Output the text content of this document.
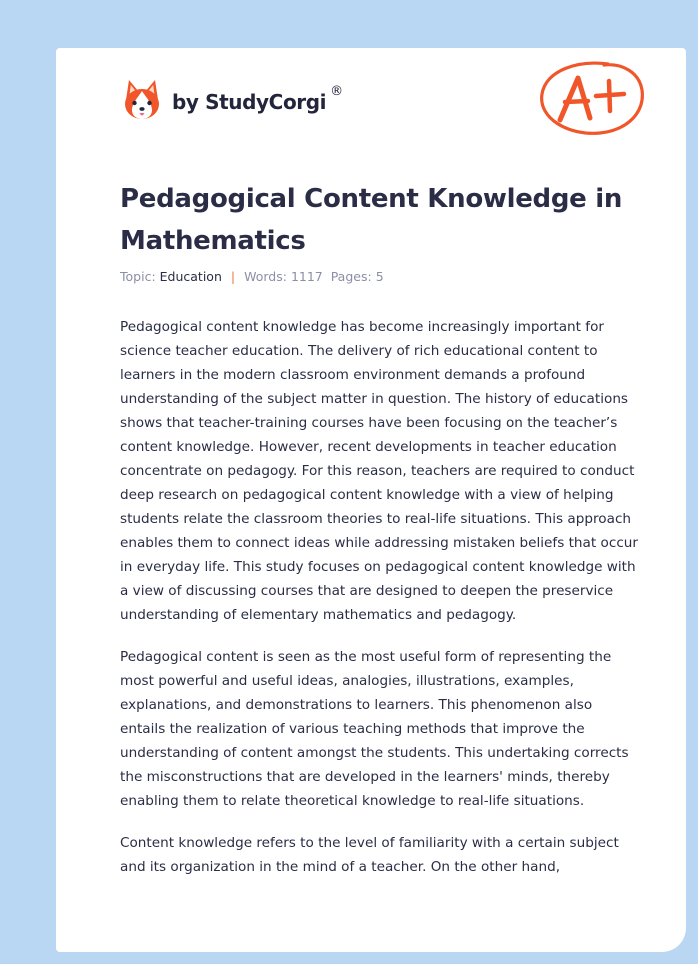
by StudyCorgi ®
Pedagogical Content Knowledge in Mathematics
Topic: Education | Words: 1117 Pages: 5

Pedagogical content knowledge has become increasingly important for science teacher education. The delivery of rich educational content to learners in the modern classroom environment demands a profound understanding of the subject matter in question. The history of educations shows that teacher-training courses have been focusing on the teacher’s content knowledge. However, recent developments in teacher education concentrate on pedagogy. For this reason, teachers are required to conduct deep research on pedagogical content knowledge with a view of helping students relate the classroom theories to real-life situations. This approach enables them to connect ideas while addressing mistaken beliefs that occur in everyday life. This study focuses on pedagogical content knowledge with a view of discussing courses that are designed to deepen the preservice understanding of elementary mathematics and pedagogy.

Pedagogical content is seen as the most useful form of representing the most powerful and useful ideas, analogies, illustrations, examples, explanations, and demonstrations to learners. This phenomenon also entails the realization of various teaching methods that improve the understanding of content amongst the students. This undertaking corrects the misconstructions that are developed in the learners' minds, thereby enabling them to relate theoretical knowledge to real-life situations.

Content knowledge refers to the level of familiarity with a certain subject and its organization in the mind of a teacher. On the other hand,
